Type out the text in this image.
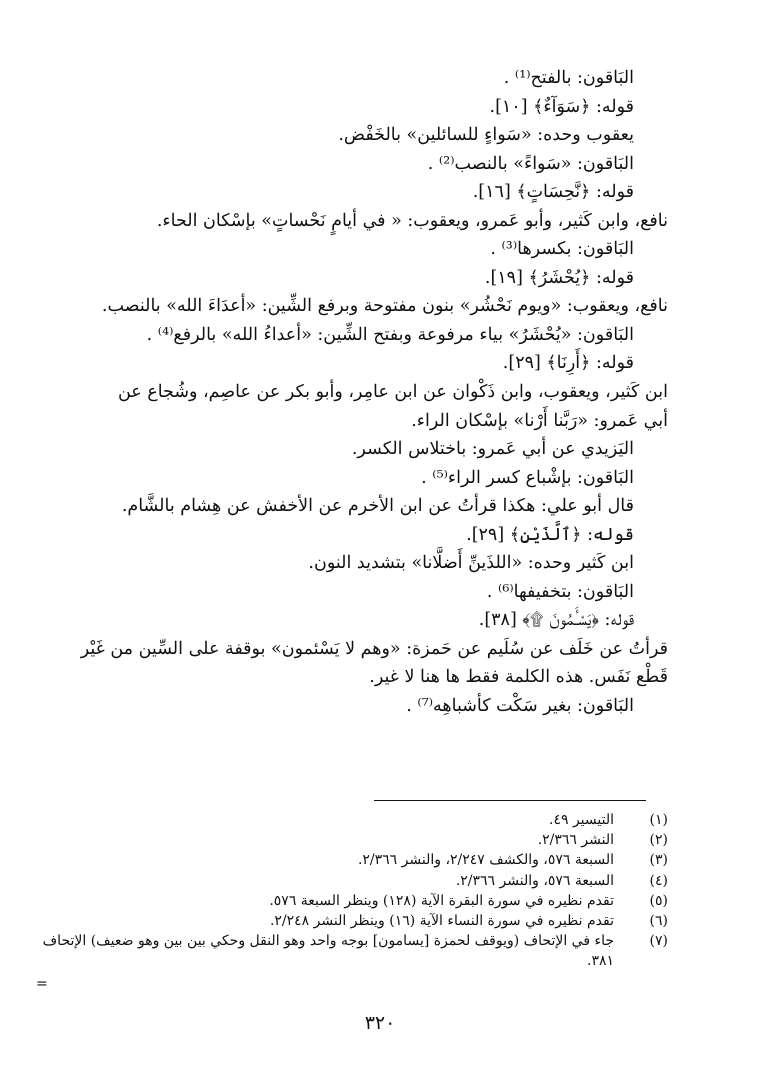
البَاقون: بالفتح⁽¹⁾ .
قوله: ﴿سَوَآءٌ﴾ [١٠].
يعقوب وحده: «سَواءٍ للسائلين» بالخَفْض.
البَاقون: «سَواءً» بالنصب⁽²⁾ .
قوله: ﴿نَّحِسَاتٍ﴾ [١٦].
نافع، وابن كَثير، وأبو عَمرو، ويعقوب: « في أيامٍ نَحْساتٍ» بإسْكان الحاء.
البَاقون: بكسرها⁽³⁾ .
قوله: ﴿يُحْشَرُ﴾ [١٩].
نافع، ويعقوب: «ويوم نَحْشُر» بنون مفتوحة وبرفع الشِّين: «أعدَاءَ الله» بالنصب.
البَاقون: «يُحْشَرُ» بياء مرفوعة وبفتح الشِّين: «أعداءُ الله» بالرفع⁽⁴⁾ .
قوله: ﴿أَرِنَا﴾ [٢٩].
ابن كَثير، ويعقوب، وابن ذَكْوان عن ابن عامِر، وأبو بكر عن عاصِم، وشُجاع عن
أبي عَمرو: «رَبَّنا أَرْنا» بإسْكان الراء.
اليَزيدي عن أبي عَمرو: باختلاس الكسر.
البَاقون: بإشْباع كسر الراء⁽⁵⁾ .
قال أبو علي: هكذا قرأتُ عن ابن الأخرم عن الأخفش عن هِشام بالشَّام.
قوله: ﴿ٱلَّذَيْنِ﴾ [٢٩].
ابن كَثير وحده: «اللذَينِّ أَضلَّانا» بتشديد النون.
البَاقون: بتخفيفها⁽⁶⁾ .
قوله: ﴿يَسْـَٔمُونَ ۩﴾ [٣٨].
قرأتُ عن خَلَف عن سُلَيم عن حَمزة: «وهم لا يَسْئمون» بوقفة على السِّين من غَيْر
قَطْع نَفَس. هذه الكلمة فقط ها هنا لا غير.
البَاقون: بغير سَكْت كأشباهِه⁽⁷⁾ .
(١)
التيسير ٤٩.
(٢)
النشر ٢/٣٦٦.
(٣)
السبعة ٥٧٦، والكشف ٢/٢٤٧، والنشر ٢/٣٦٦.
(٤)
السبعة ٥٧٦، والنشر ٢/٣٦٦.
(٥)
تقدم نظيره في سورة البقرة الآية (١٢٨) وينظر السبعة ٥٧٦.
(٦)
تقدم نظيره في سورة النساء الآية (١٦) وينظر النشر ٢/٢٤٨.
(٧)
جاء في الإتحاف (ويوقف لحمزة [يسامون] بوجه واحد وهو النقل وحكي بين بين وهو ضعيف) الإتحاف ٣٨١.
=
٣٢٠
